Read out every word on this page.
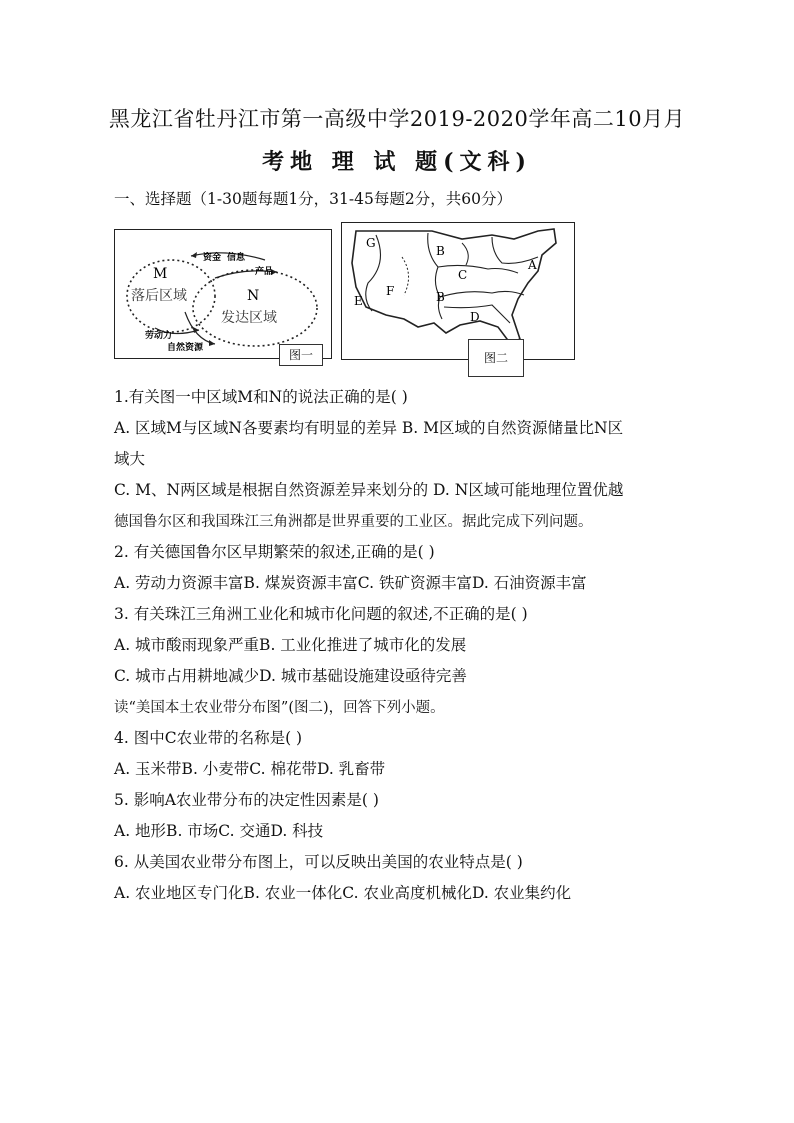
黑龙江省牡丹江市第一高级中学2019-2020学年高二10月月
考地 理 试 题(文科)
一、选择题（1-30题每题1分，31-45每题2分，共60分）
资金 信息
产品
M
落后区域	N
发达区域
劳动力
自然资源	图一
G
B
C
A
F
E	B
D
图二
1.有关图一中区域M和N的说法正确的是( )
A. 区域M与区域N各要素均有明显的差异 B. M区域的自然资源储量比N区
域大
C. M、N两区域是根据自然资源差异来划分的 D. N区域可能地理位置优越
德国鲁尔区和我国珠江三角洲都是世界重要的工业区。据此完成下列问题。
2. 有关德国鲁尔区早期繁荣的叙述,正确的是( )
A. 劳动力资源丰富B. 煤炭资源丰富C. 铁矿资源丰富D. 石油资源丰富
3. 有关珠江三角洲工业化和城市化问题的叙述,不正确的是( )
A. 城市酸雨现象严重B. 工业化推进了城市化的发展
C. 城市占用耕地减少D. 城市基础设施建设亟待完善
读“美国本土农业带分布图”(图二)，回答下列小题。
4. 图中C农业带的名称是( )
A. 玉米带B. 小麦带C. 棉花带D. 乳畜带
5. 影响A农业带分布的决定性因素是( )
A. 地形B. 市场C. 交通D. 科技
6. 从美国农业带分布图上，可以反映出美国的农业特点是( )
A. 农业地区专门化B. 农业一体化C. 农业高度机械化D. 农业集约化
